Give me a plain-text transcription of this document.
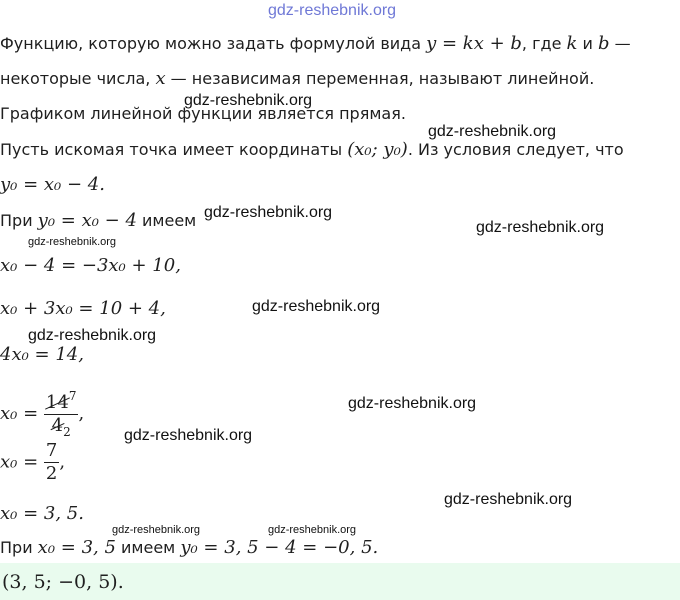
gdz-reshebnik.org
gdz-reshebnik.org
gdz-reshebnik.org
gdz-reshebnik.org
gdz-reshebnik.org
gdz-reshebnik.org
gdz-reshebnik.org
gdz-reshebnik.org
gdz-reshebnik.org
gdz-reshebnik.org
gdz-reshebnik.org
gdz-reshebnik.org	gdz-reshebnik.org
Функцию, которую можно задать формулой вида y = kx + b, где k и b —
некоторые числа, x — независимая переменная, называют линейной.
Графиком линейной функции является прямая.
Пусть искомая точка имеет координаты (x₀; y₀). Из условия следует, что
y₀ = x₀ − 4.
При y₀ = x₀ − 4 имеем
x₀ − 4 = −3x₀ + 10,
x₀ + 3x₀ = 10 + 4,
4x₀ = 14,
$x_0 = \frac{14^7}{4_2}$ ,
$x_0 = \frac{7}{2}$ ,
x₀ = 3, 5.
При x₀ = 3, 5 имеем y₀ = 3, 5 − 4 = −0, 5.
(3, 5; −0, 5).
